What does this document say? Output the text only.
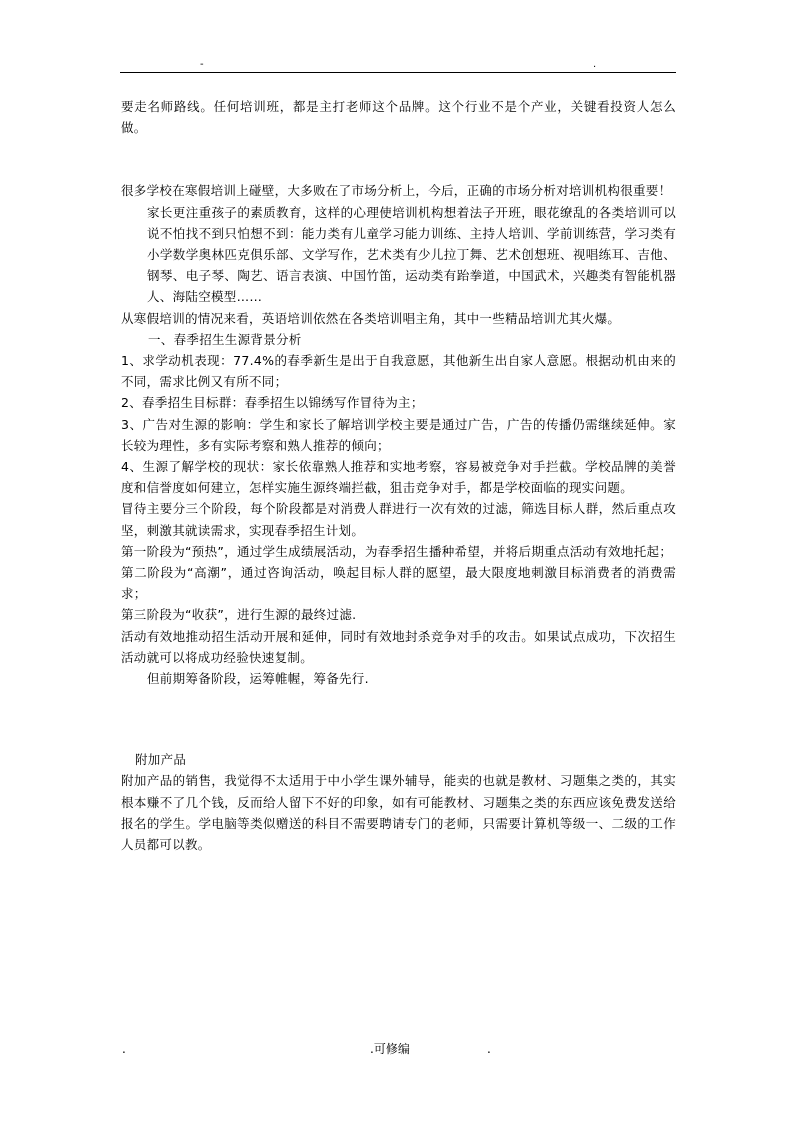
-	.

要走名师路线。任何培训班，都是主打老师这个品牌。这个行业不是个产业，关键看投资人怎么做。

很多学校在寒假培训上碰壁，大多败在了市场分析上，今后，正确的市场分析对培训机构很重要！

家长更注重孩子的素质教育，这样的心理使培训机构想着法子开班，眼花缭乱的各类培训可以说不怕找不到只怕想不到：能力类有儿童学习能力训练、主持人培训、学前训练营，学习类有小学数学奥林匹克俱乐部、文学写作，艺术类有少儿拉丁舞、艺术创想班、视唱练耳、吉他、钢琴、电子琴、陶艺、语言表演、中国竹笛，运动类有跆拳道，中国武术，兴趣类有智能机器人、海陆空模型……

从寒假培训的情况来看，英语培训依然在各类培训唱主角，其中一些精品培训尤其火爆。

一、春季招生生源背景分析

1、求学动机表现：77.4%的春季新生是出于自我意愿，其他新生出自家人意愿。根据动机由来的不同，需求比例又有所不同；

2、春季招生目标群：春季招生以锦绣写作冒待为主；

3、广告对生源的影响：学生和家长了解培训学校主要是通过广告，广告的传播仍需继续延伸。家长较为理性，多有实际考察和熟人推荐的倾向；

4、生源了解学校的现状：家长依靠熟人推荐和实地考察，容易被竞争对手拦截。学校品牌的美誉度和信誉度如何建立，怎样实施生源终端拦截，狙击竞争对手，都是学校面临的现实问题。

冒待主要分三个阶段，每个阶段都是对消费人群进行一次有效的过滤，筛选目标人群，然后重点攻坚，刺激其就读需求，实现春季招生计划。

第一阶段为“预热”，通过学生成绩展活动，为春季招生播种希望，并将后期重点活动有效地托起；

第二阶段为“高潮”，通过咨询活动，唤起目标人群的愿望，最大限度地刺激目标消费者的消费需求；

第三阶段为“收获”，进行生源的最终过滤.

活动有效地推动招生活动开展和延伸，同时有效地封杀竞争对手的攻击。如果试点成功，下次招生活动就可以将成功经验快速复制。

但前期筹备阶段，运筹帷幄，筹备先行.

附加产品

附加产品的销售，我觉得不太适用于中小学生课外辅导，能卖的也就是教材、习题集之类的，其实根本赚不了几个钱，反而给人留下不好的印象，如有可能教材、习题集之类的东西应该免费发送给报名的学生。学电脑等类似赠送的科目不需要聘请专门的老师，只需要计算机等级一、二级的工作人员都可以教。

.	.可修编	.
